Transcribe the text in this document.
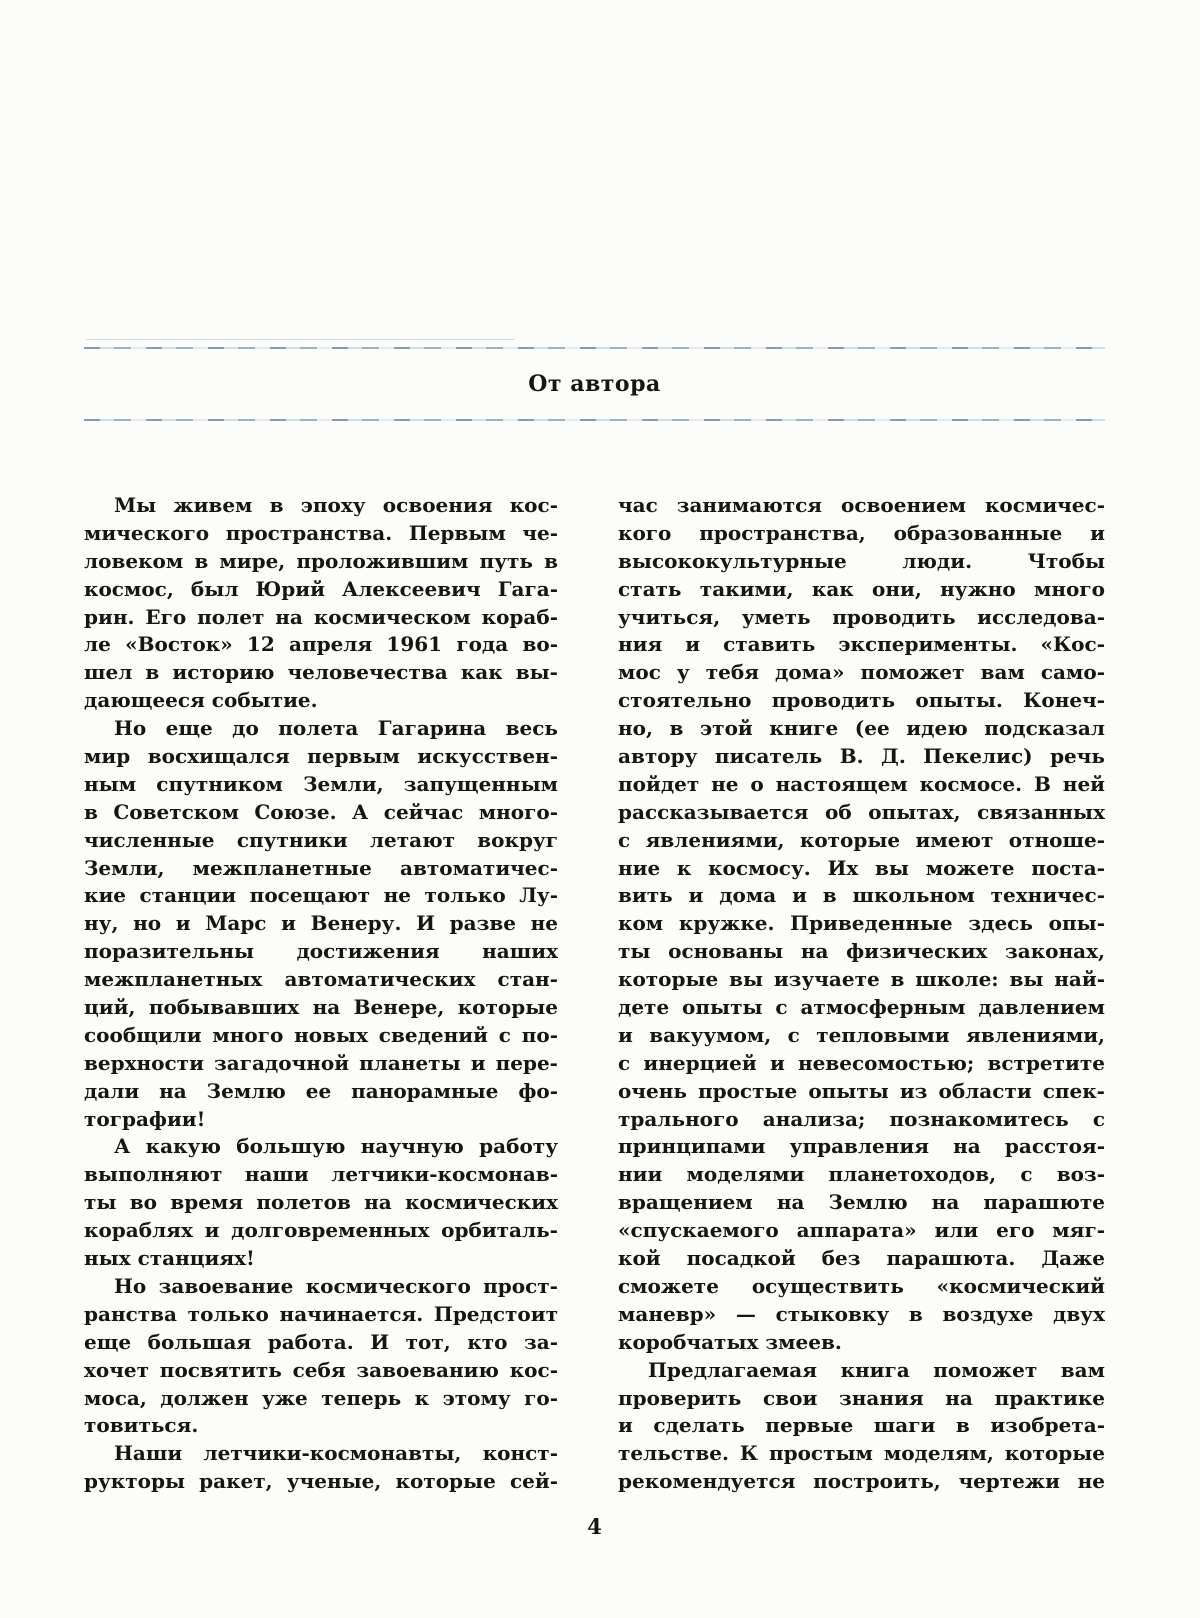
От автора
Мы живем в эпоху освоения кос-
мического пространства. Первым че-
ловеком в мире, проложившим путь в
космос, был Юрий Алексеевич Гага-
рин. Его полет на космическом кораб-
ле «Восток» 12 апреля 1961 года во-
шел в историю человечества как вы-
дающееся событие.
Но еще до полета Гагарина весь
мир восхищался первым искусствен-
ным спутником Земли, запущенным
в Советском Союзе. А сейчас много-
численные спутники летают вокруг
Земли, межпланетные автоматичес-
кие станции посещают не только Лу-
ну, но и Марс и Венеру. И разве не
поразительны достижения наших
межпланетных автоматических стан-
ций, побывавших на Венере, которые
сообщили много новых сведений с по-
верхности загадочной планеты и пере-
дали на Землю ее панорамные фо-
тографии!
А какую большую научную работу
выполняют наши летчики-космонав-
ты во время полетов на космических
кораблях и долговременных орбиталь-
ных станциях!
Но завоевание космического прост-
ранства только начинается. Предстоит
еще большая работа. И тот, кто за-
хочет посвятить себя завоеванию кос-
моса, должен уже теперь к этому го-
товиться.
Наши летчики-космонавты, конст-
рукторы ракет, ученые, которые сей-
час занимаются освоением космичес-
кого пространства, образованные и
высококультурные люди. Чтобы
стать такими, как они, нужно много
учиться, уметь проводить исследова-
ния и ставить эксперименты. «Кос-
мос у тебя дома» поможет вам само-
стоятельно проводить опыты. Конеч-
но, в этой книге (ее идею подсказал
автору писатель В. Д. Пекелис) речь
пойдет не о настоящем космосе. В ней
рассказывается об опытах, связанных
с явлениями, которые имеют отноше-
ние к космосу. Их вы можете поста-
вить и дома и в школьном техничес-
ком кружке. Приведенные здесь опы-
ты основаны на физических законах,
которые вы изучаете в школе: вы най-
дете опыты с атмосферным давлением
и вакуумом, с тепловыми явлениями,
с инерцией и невесомостью; встретите
очень простые опыты из области спек-
трального анализа; познакомитесь с
принципами управления на расстоя-
нии моделями планетоходов, с воз-
вращением на Землю на парашюте
«спускаемого аппарата» или его мяг-
кой посадкой без парашюта. Даже
сможете осуществить «космический
маневр» — стыковку в воздухе двух
коробчатых змеев.
Предлагаемая книга поможет вам
проверить свои знания на практике
и сделать первые шаги в изобрета-
тельстве. К простым моделям, которые
рекомендуется построить, чертежи не
4
